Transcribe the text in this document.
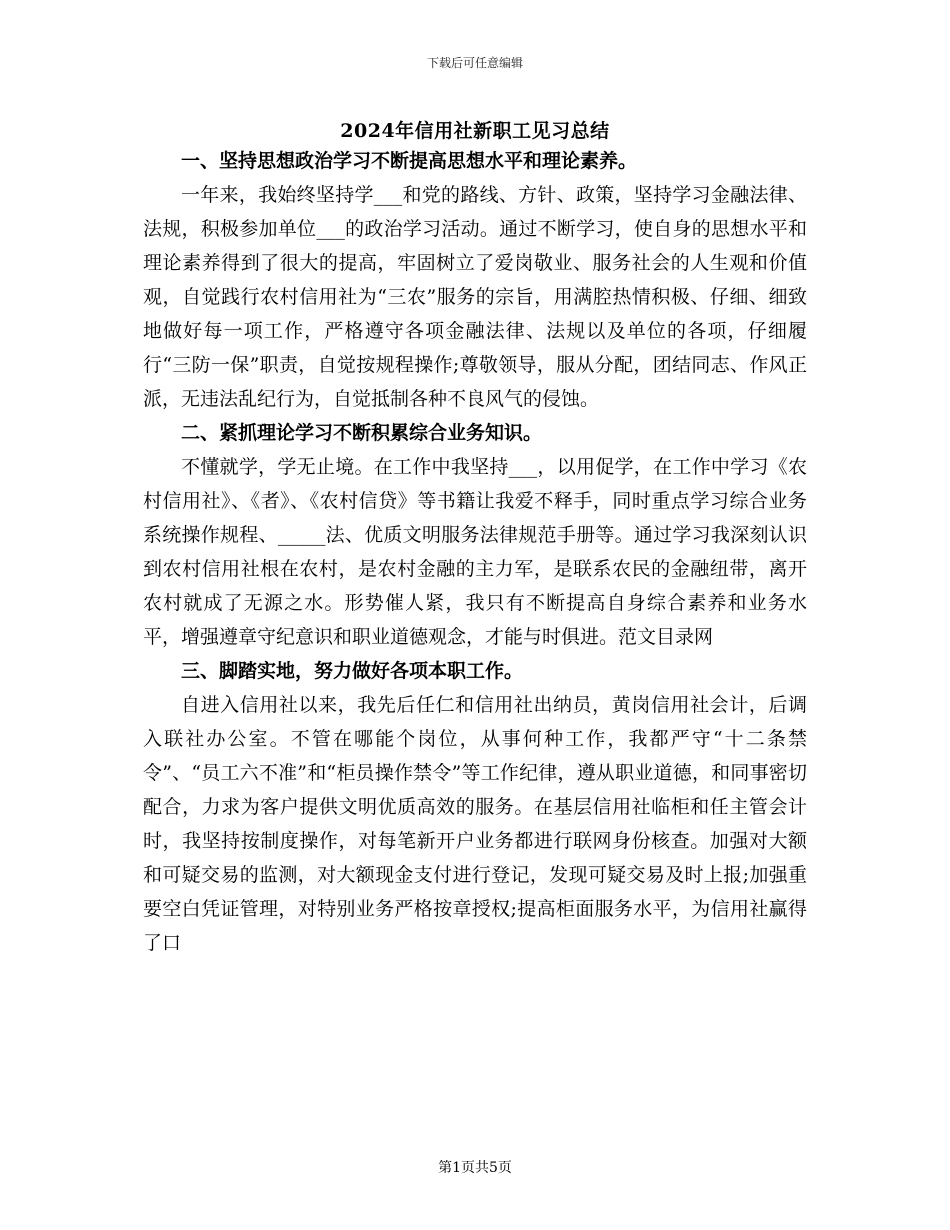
下载后可任意编辑
2024年信用社新职工见习总结
一、坚持思想政治学习不断提高思想水平和理论素养。

一年来，我始终坚持学___和党的路线、方针、政策，坚持学习金融法律、法规，积极参加单位___的政治学习活动。通过不断学习，使自身的思想水平和理论素养得到了很大的提高，牢固树立了爱岗敬业、服务社会的人生观和价值观，自觉践行农村信用社为“三农”服务的宗旨，用满腔热情积极、仔细、细致地做好每一项工作，严格遵守各项金融法律、法规以及单位的各项，仔细履行“三防一保”职责，自觉按规程操作;尊敬领导，服从分配，团结同志、作风正派，无违法乱纪行为，自觉抵制各种不良风气的侵蚀。

二、紧抓理论学习不断积累综合业务知识。

不懂就学，学无止境。在工作中我坚持___，以用促学，在工作中学习《农村信用社》、《者》、《农村信贷》等书籍让我爱不释手，同时重点学习综合业务系统操作规程、_____法、优质文明服务法律规范手册等。通过学习我深刻认识到农村信用社根在农村，是农村金融的主力军，是联系农民的金融纽带，离开农村就成了无源之水。形势催人紧，我只有不断提高自身综合素养和业务水平，增强遵章守纪意识和职业道德观念，才能与时俱进。范文目录网

三、脚踏实地，努力做好各项本职工作。

自进入信用社以来，我先后任仁和信用社出纳员，黄岗信用社会计，后调入联社办公室。不管在哪能个岗位，从事何种工作，我都严守“十二条禁令”、“员工六不准”和“柜员操作禁令”等工作纪律，遵从职业道德，和同事密切配合，力求为客户提供文明优质高效的服务。在基层信用社临柜和任主管会计时，我坚持按制度操作，对每笔新开户业务都进行联网身份核查。加强对大额和可疑交易的监测，对大额现金支付进行登记，发现可疑交易及时上报;加强重要空白凭证管理，对特别业务严格按章授权;提高柜面服务水平，为信用社赢得了口

第1页共5页
